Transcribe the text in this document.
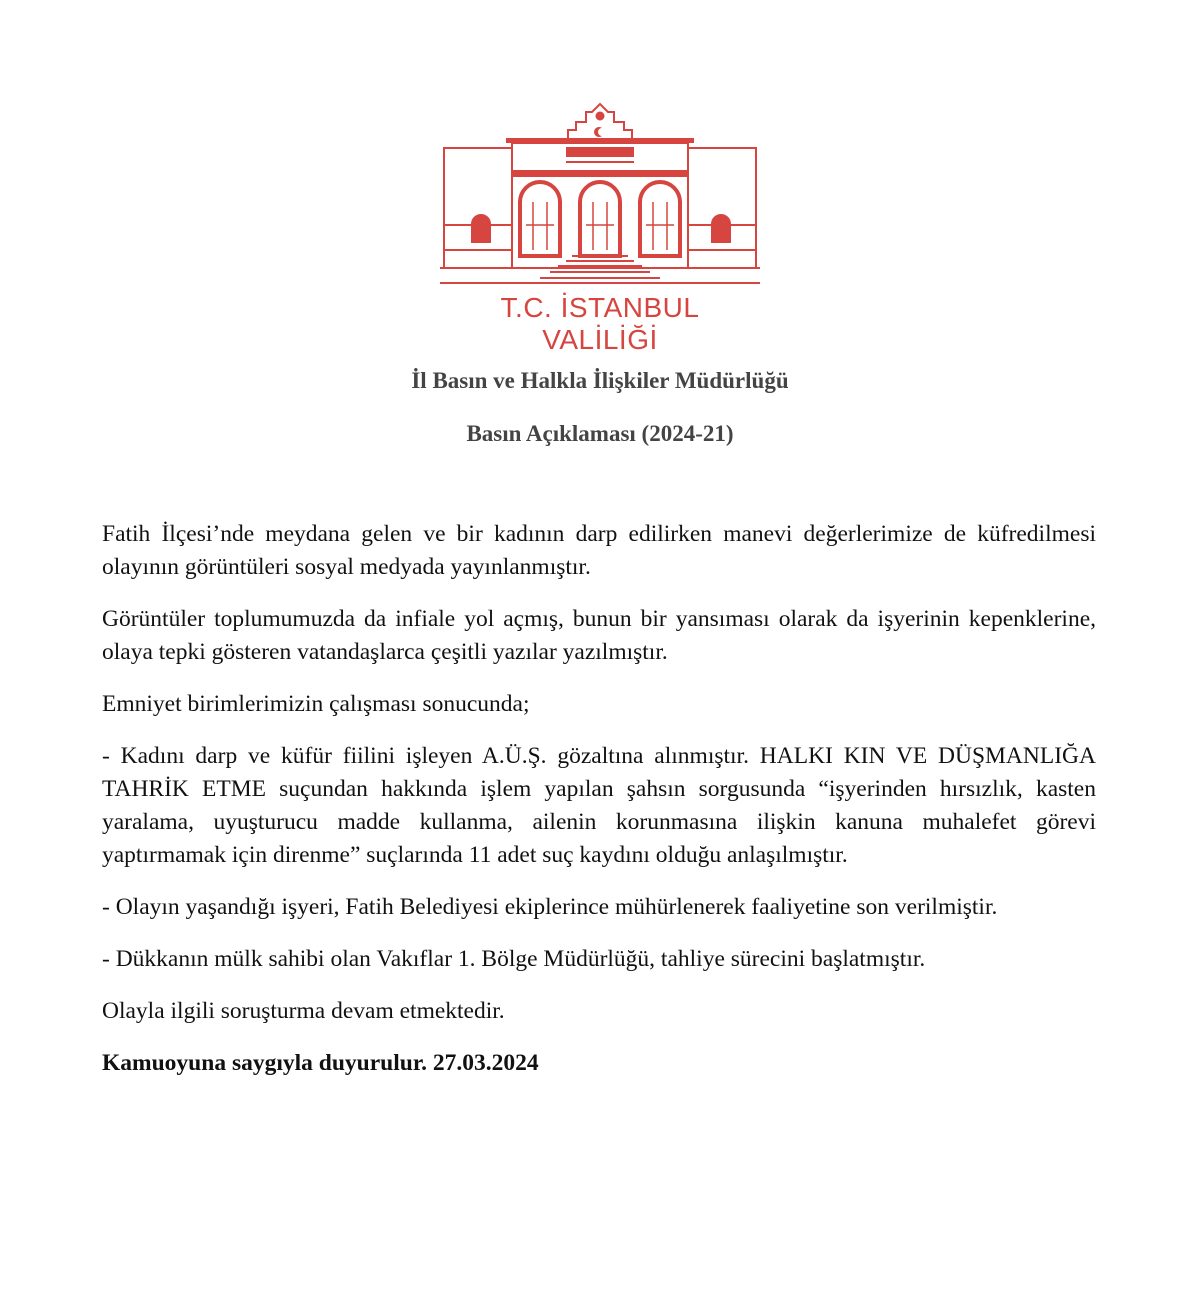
T.C. İSTANBUL VALİLİĞİ
İl Basın ve Halkla İlişkiler Müdürlüğü
Basın Açıklaması (2024-21)

Fatih İlçesi’nde meydana gelen ve bir kadının darp edilirken manevi değerlerimize de küfredilmesi olayının görüntüleri sosyal medyada yayınlanmıştır.

Görüntüler toplumumuzda da infiale yol açmış, bunun bir yansıması olarak da işyerinin kepenklerine, olaya tepki gösteren vatandaşlarca çeşitli yazılar yazılmıştır.

Emniyet birimlerimizin çalışması sonucunda;

- Kadını darp ve küfür fiilini işleyen A.Ü.Ş. gözaltına alınmıştır. HALKI KIN VE DÜŞMANLIĞA TAHRİK ETME suçundan hakkında işlem yapılan şahsın sorgusunda “işyerinden hırsızlık, kasten yaralama, uyuşturucu madde kullanma, ailenin korunmasına ilişkin kanuna muhalefet görevi yaptırmamak için direnme” suçlarında 11 adet suç kaydını olduğu anlaşılmıştır.

- Olayın yaşandığı işyeri, Fatih Belediyesi ekiplerince mühürlenerek faaliyetine son verilmiştir.

- Dükkanın mülk sahibi olan Vakıflar 1. Bölge Müdürlüğü, tahliye sürecini başlatmıştır.

Olayla ilgili soruşturma devam etmektedir.

Kamuoyuna saygıyla duyurulur. 27.03.2024
